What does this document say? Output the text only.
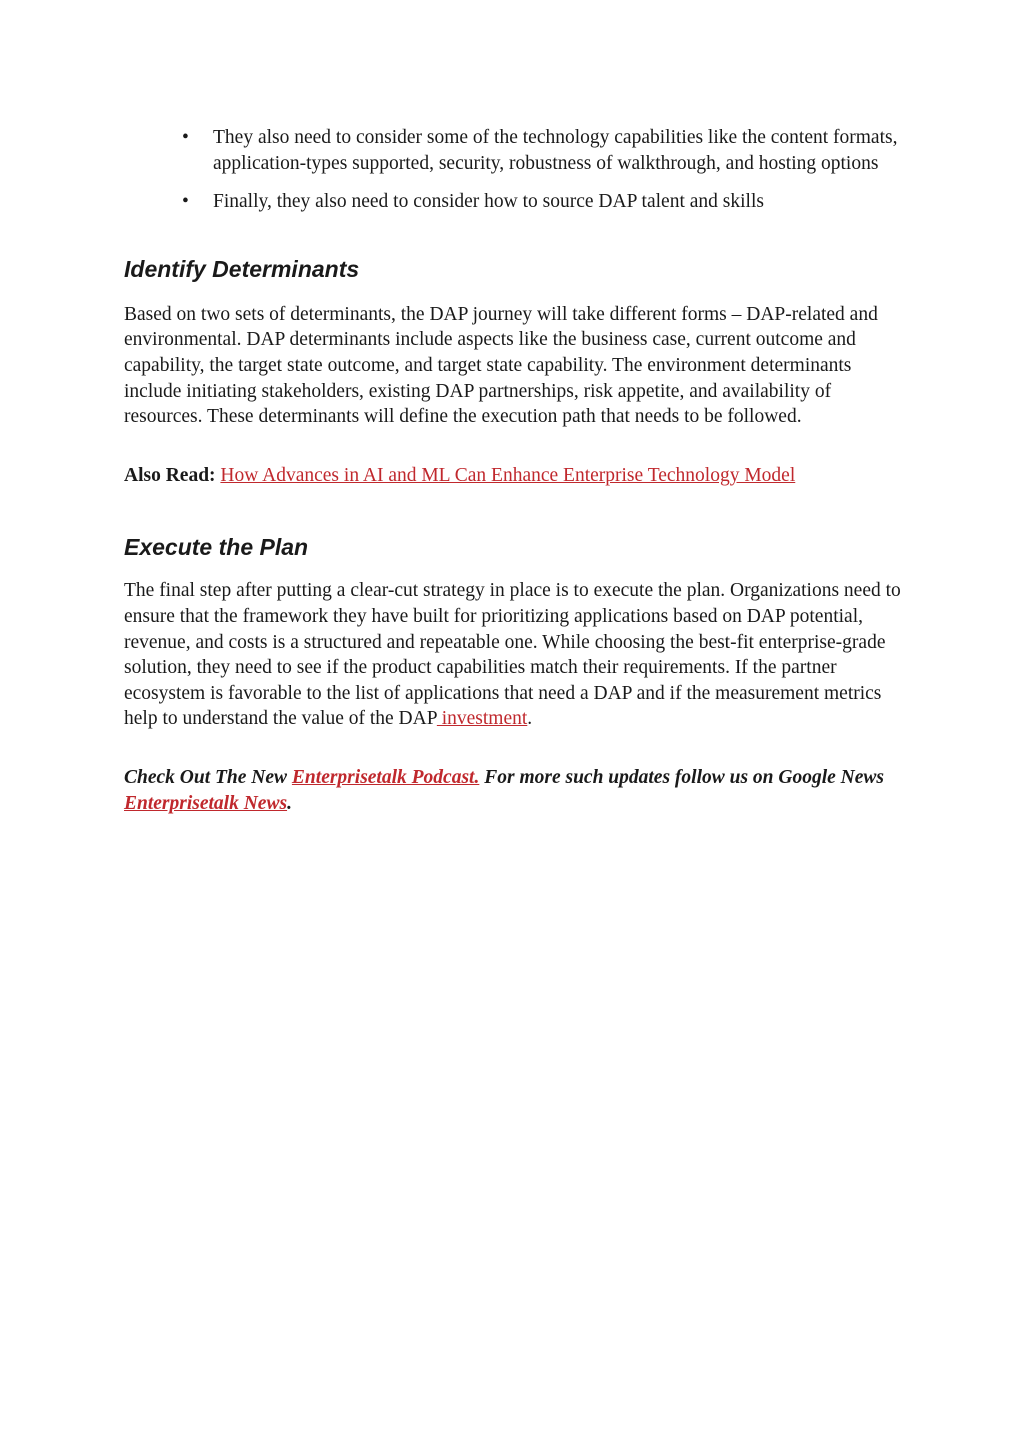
• They also need to consider some of the technology capabilities like the content formats, application-types supported, security, robustness of walkthrough, and hosting options
• Finally, they also need to consider how to source DAP talent and skills
Identify Determinants

Based on two sets of determinants, the DAP journey will take different forms – DAP-related and environmental. DAP determinants include aspects like the business case, current outcome and capability, the target state outcome, and target state capability. The environment determinants include initiating stakeholders, existing DAP partnerships, risk appetite, and availability of resources. These determinants will define the execution path that needs to be followed.

Also Read: How Advances in AI and ML Can Enhance Enterprise Technology Model

Execute the Plan

The final step after putting a clear-cut strategy in place is to execute the plan. Organizations need to ensure that the framework they have built for prioritizing applications based on DAP potential, revenue, and costs is a structured and repeatable one. While choosing the best-fit enterprise-grade solution, they need to see if the product capabilities match their requirements. If the partner ecosystem is favorable to the list of applications that need a DAP and if the measurement metrics help to understand the value of the DAP investment.

Check Out The New Enterprisetalk Podcast. For more such updates follow us on Google News Enterprisetalk News.
